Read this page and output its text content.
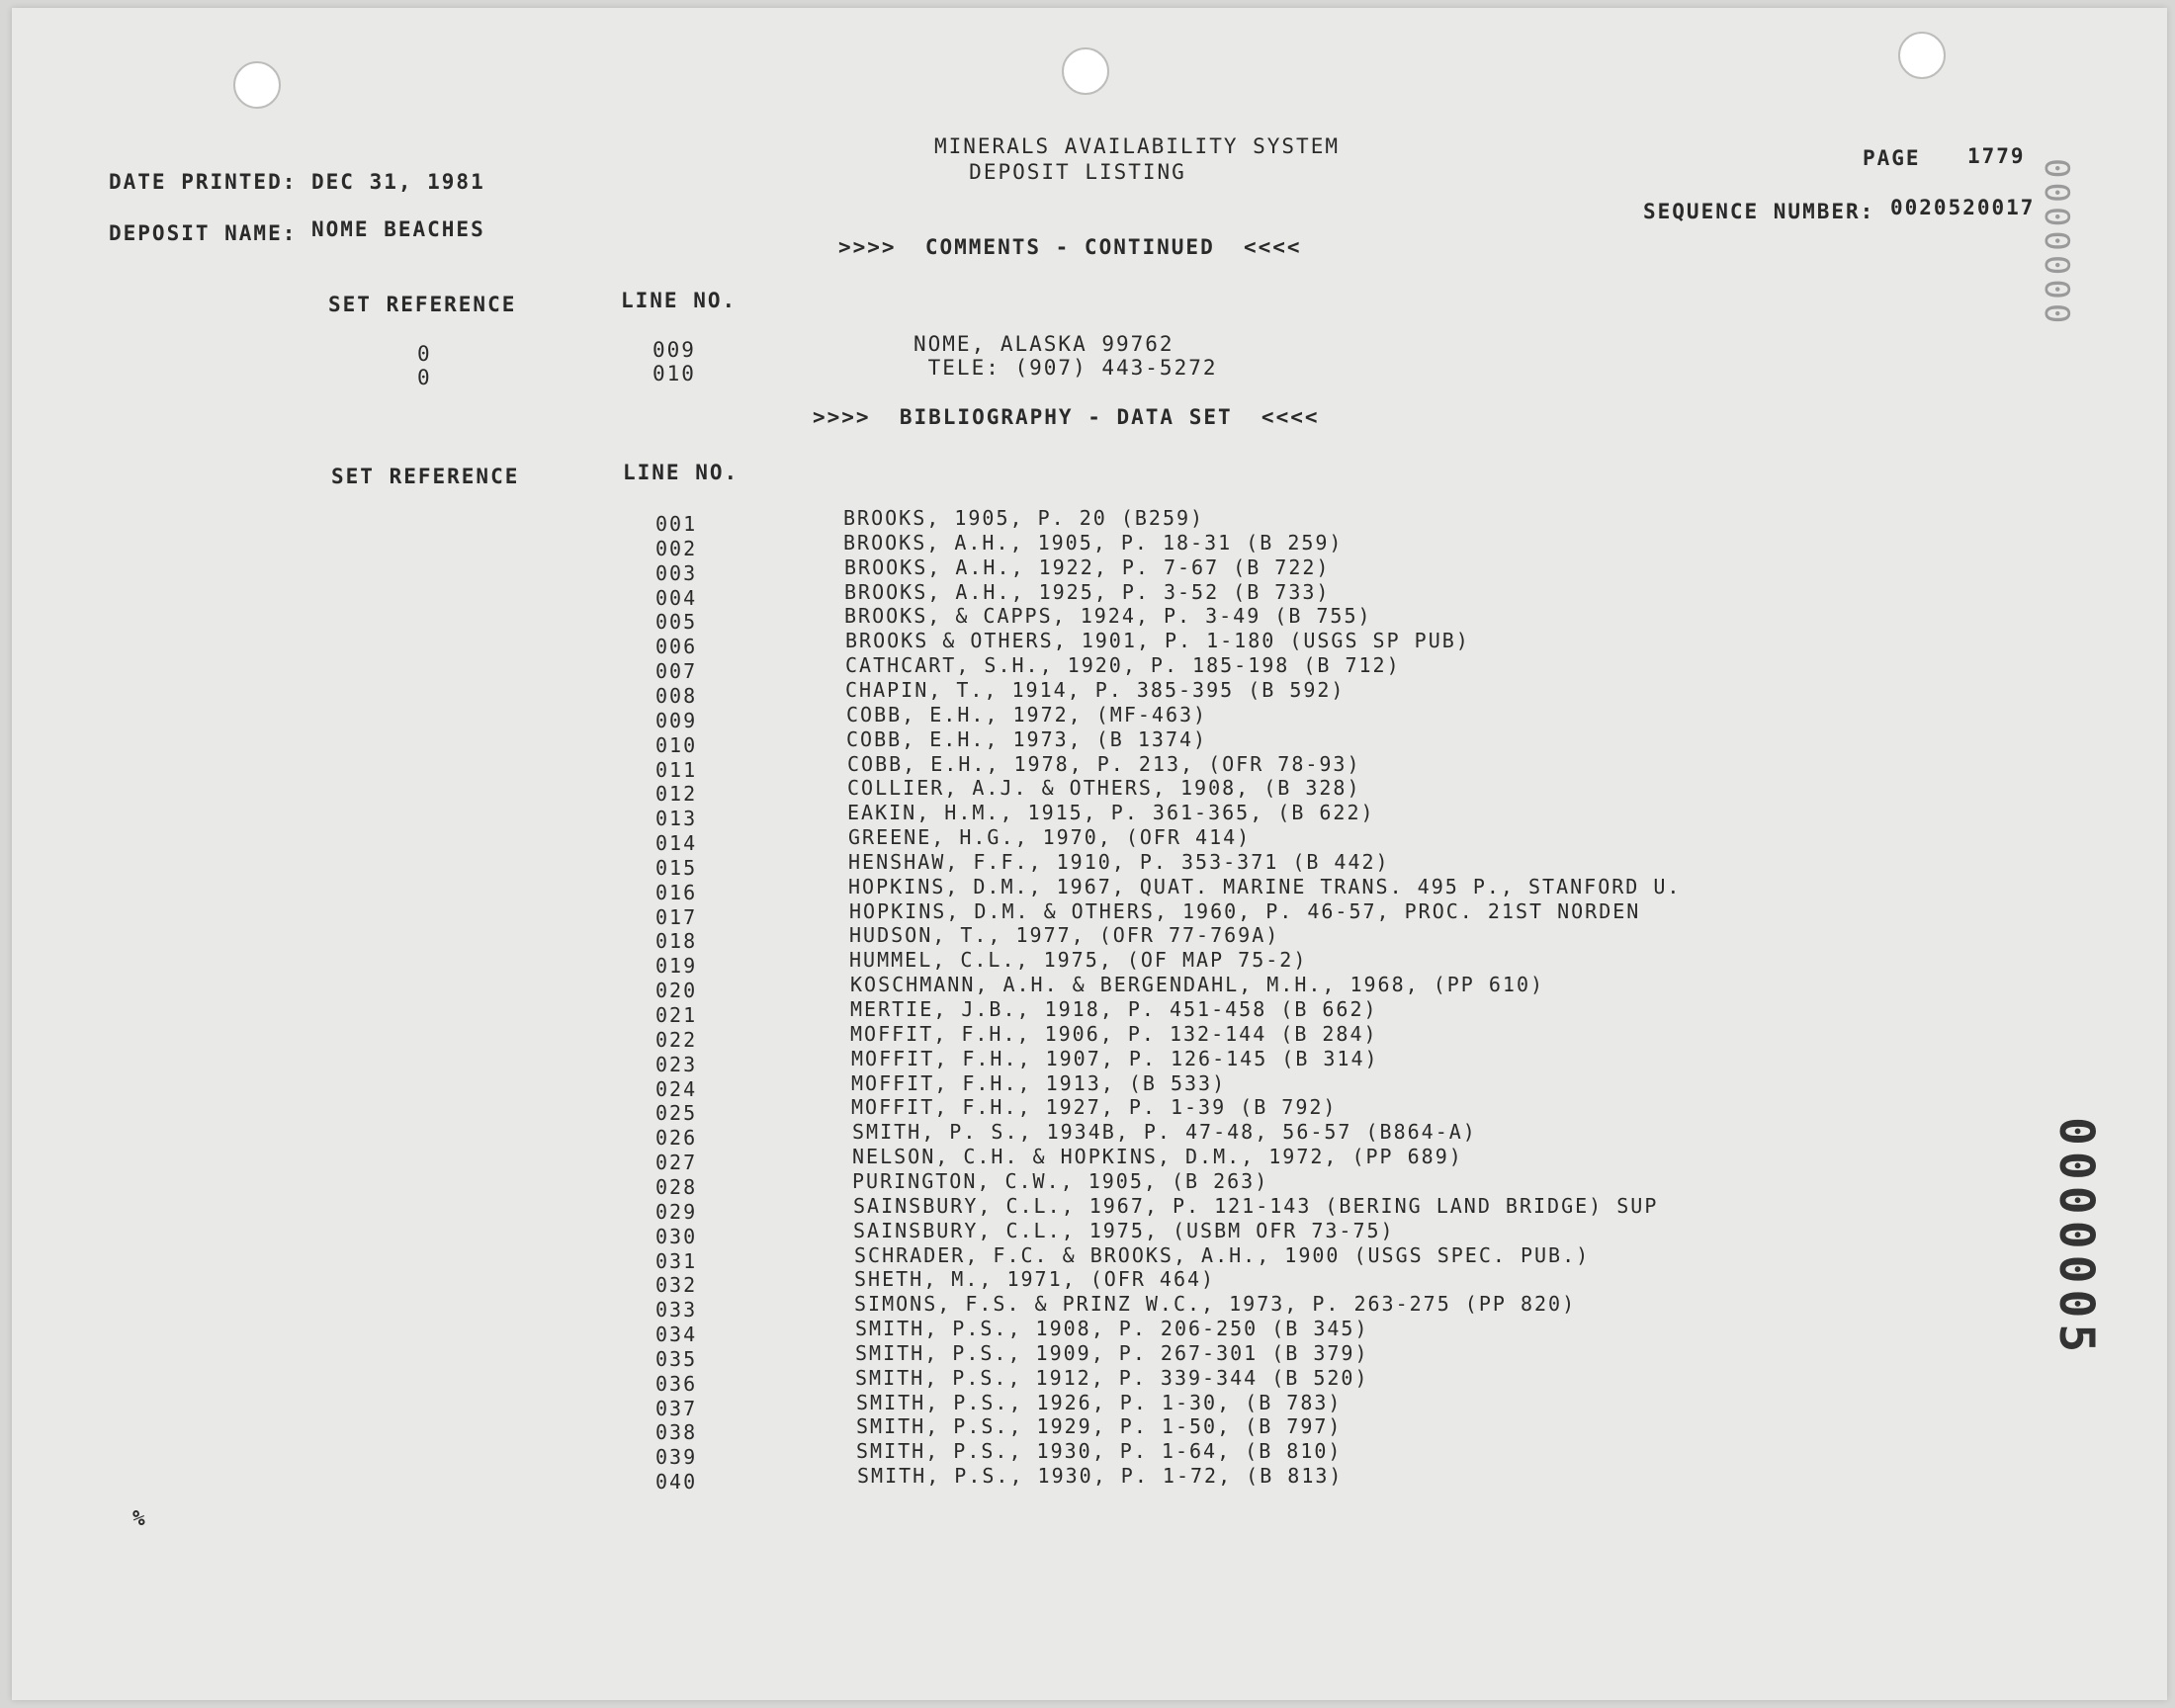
MINERALS AVAILABILITY SYSTEM
DEPOSIT LISTING
DATE PRINTED: DEC 31, 1981
DEPOSIT NAME: NOME BEACHES
PAGE 1779
SEQUENCE NUMBER: 0020520017
>>>>  COMMENTS - CONTINUED  <<<<
SET REFERENCE	LINE NO.
0	009	NOME, ALASKA 99762
0	010	TELE: (907) 443-5272
>>>>  BIBLIOGRAPHY - DATA SET  <<<<
SET REFERENCE	LINE NO.
001	BROOKS, 1905, P. 20 (B259)
002	BROOKS, A.H., 1905, P. 18-31 (B 259)
003	BROOKS, A.H., 1922, P. 7-67 (B 722)
004	BROOKS, A.H., 1925, P. 3-52 (B 733)
005	BROOKS, & CAPPS, 1924, P. 3-49 (B 755)
006	BROOKS & OTHERS, 1901, P. 1-180 (USGS SP PUB)
007	CATHCART, S.H., 1920, P. 185-198 (B 712)
008	CHAPIN, T., 1914, P. 385-395 (B 592)
009	COBB, E.H., 1972, (MF-463)
010	COBB, E.H., 1973, (B 1374)
011	COBB, E.H., 1978, P. 213, (OFR 78-93)
012	COLLIER, A.J. & OTHERS, 1908, (B 328)
013	EAKIN, H.M., 1915, P. 361-365, (B 622)
014	GREENE, H.G., 1970, (OFR 414)
015	HENSHAW, F.F., 1910, P. 353-371 (B 442)
016	HOPKINS, D.M., 1967, QUAT. MARINE TRANS. 495 P., STANFORD U.
017	HOPKINS, D.M. & OTHERS, 1960, P. 46-57, PROC. 21ST NORDEN
018	HUDSON, T., 1977, (OFR 77-769A)
019	HUMMEL, C.L., 1975, (OF MAP 75-2)
020	KOSCHMANN, A.H. & BERGENDAHL, M.H., 1968, (PP 610)
021	MERTIE, J.B., 1918, P. 451-458 (B 662)
022	MOFFIT, F.H., 1906, P. 132-144 (B 284)
023	MOFFIT, F.H., 1907, P. 126-145 (B 314)
024	MOFFIT, F.H., 1913, (B 533)
025	MOFFIT, F.H., 1927, P. 1-39 (B 792)
026	SMITH, P. S., 1934B, P. 47-48, 56-57 (B864-A)
027	NELSON, C.H. & HOPKINS, D.M., 1972, (PP 689)
028	PURINGTON, C.W., 1905, (B 263)
029	SAINSBURY, C.L., 1967, P. 121-143 (BERING LAND BRIDGE) SUP
030	SAINSBURY, C.L., 1975, (USBM OFR 73-75)
031	SCHRADER, F.C. & BROOKS, A.H., 1900 (USGS SPEC. PUB.)
032	SHETH, M., 1971, (OFR 464)
033	SIMONS, F.S. & PRINZ W.C., 1973, P. 263-275 (PP 820)
034	SMITH, P.S., 1908, P. 206-250 (B 345)
035	SMITH, P.S., 1909, P. 267-301 (B 379)
036	SMITH, P.S., 1912, P. 339-344 (B 520)
037	SMITH, P.S., 1926, P. 1-30, (B 783)
038	SMITH, P.S., 1929, P. 1-50, (B 797)
039	SMITH, P.S., 1930, P. 1-64, (B 810)
040	SMITH, P.S., 1930, P. 1-72, (B 813)
%
0000005
0000000
